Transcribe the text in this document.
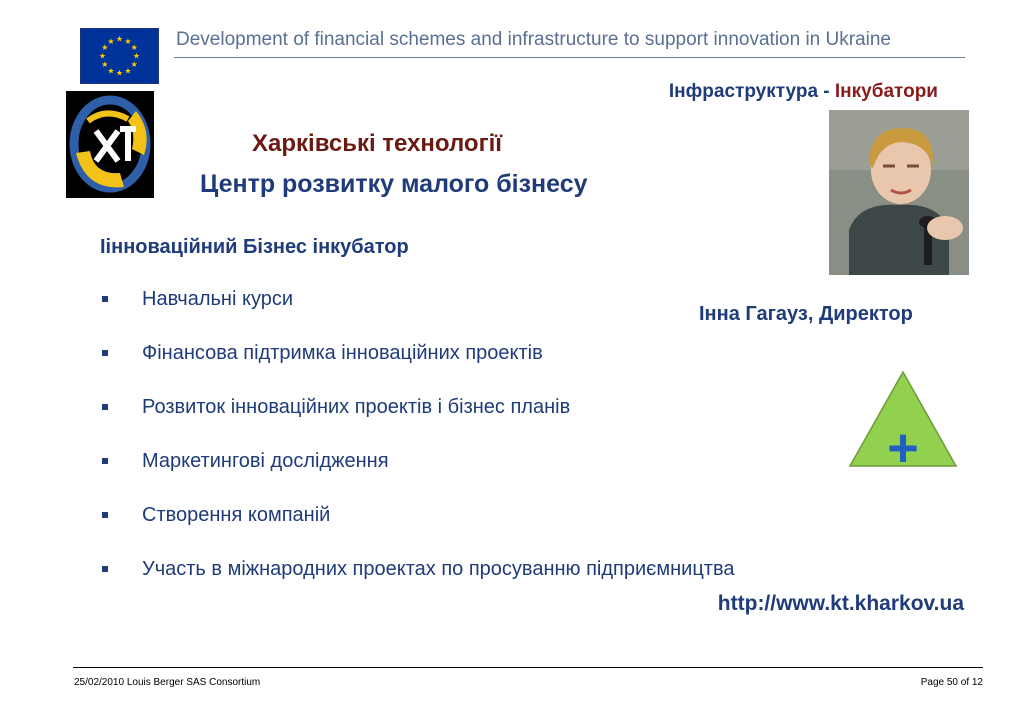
★ ★
★
★
★
★
★
★
★
★
★
★	Development of financial schemes and infrastructure to support innovation in Ukraine
Інфраструктура - Інкубатори
Харківські технології
Центр розвитку малого бізнесу
Інна Гагауз, Директор
Іінноваційний Бізнес інкубатор
Навчальні курси
Фінансова підтримка інноваційних проектів
Розвиток інноваційних проектів і бізнес планів
Маркетингові дослідження
Створення компаній
Участь в міжнародних проектах по просуванню підприємництва
+
http://www.kt.kharkov.ua
25/02/2010 Louis Berger SAS Consortium	Page 50 of 12
